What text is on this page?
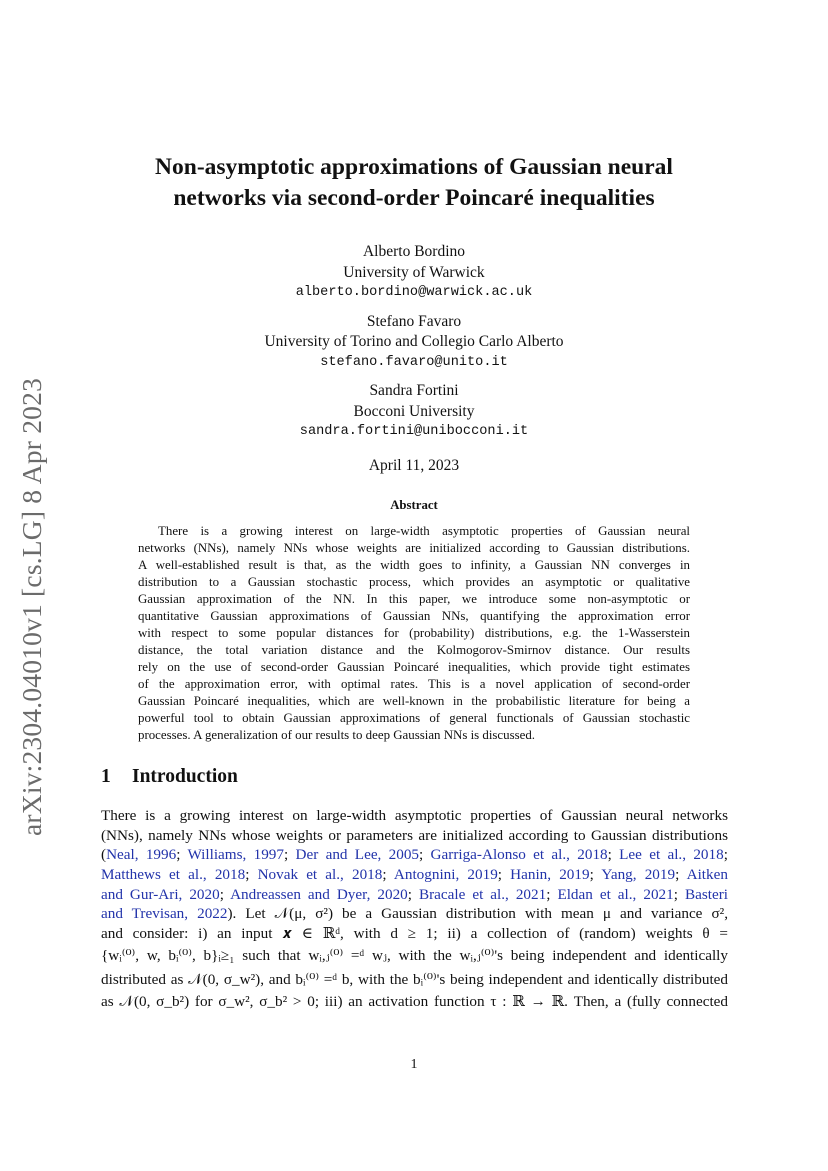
arXiv:2304.04010v1 [cs.LG] 8 Apr 2023
Non-asymptotic approximations of Gaussian neural
networks via second-order Poincaré inequalities
Alberto Bordino
University of Warwick
alberto.bordino@warwick.ac.uk
Stefano Favaro
University of Torino and Collegio Carlo Alberto
stefano.favaro@unito.it
Sandra Fortini
Bocconi University
sandra.fortini@unibocconi.it
April 11, 2023
Abstract

There is a growing interest on large-width asymptotic properties of Gaussian neural
networks (NNs), namely NNs whose weights are initialized according to Gaussian distributions.
A well-established result is that, as the width goes to infinity, a Gaussian NN converges in
distribution to a Gaussian stochastic process, which provides an asymptotic or qualitative
Gaussian approximation of the NN. In this paper, we introduce some non-asymptotic or
quantitative Gaussian approximations of Gaussian NNs, quantifying the approximation error
with respect to some popular distances for (probability) distributions, e.g. the 1-Wasserstein
distance, the total variation distance and the Kolmogorov-Smirnov distance. Our results
rely on the use of second-order Gaussian Poincaré inequalities, which provide tight estimates
of the approximation error, with optimal rates. This is a novel application of second-order
Gaussian Poincaré inequalities, which are well-known in the probabilistic literature for being a
powerful tool to obtain Gaussian approximations of general functionals of Gaussian stochastic
processes. A generalization of our results to deep Gaussian NNs is discussed.

1 Introduction
There is a growing interest on large-width asymptotic properties of Gaussian neural networks
(NNs), namely NNs whose weights or parameters are initialized according to Gaussian distributions
(Neal, 1996; Williams, 1997; Der and Lee, 2005; Garriga-Alonso et al., 2018; Lee et al., 2018;
Matthews et al., 2018; Novak et al., 2018; Antognini, 2019; Hanin, 2019; Yang, 2019; Aitken
and Gur-Ari, 2020; Andreassen and Dyer, 2020; Bracale et al., 2021; Eldan et al., 2021; Basteri
and Trevisan, 2022). Let 𝒩(μ, σ²) be a Gaussian distribution with mean μ and variance σ²,
and consider: i) an input 𝒙 ∈ ℝᵈ, with d ≥ 1; ii) a collection of (random) weights θ =
{wᵢ⁽⁰⁾, w, bᵢ⁽⁰⁾, b}ᵢ≥₁ such that wᵢ,ⱼ⁽⁰⁾ =ᵈ wⱼ, with the wᵢ,ⱼ⁽⁰⁾'s being independent and identically
distributed as 𝒩(0, σ_w²), and bᵢ⁽⁰⁾ =ᵈ b, with the bᵢ⁽⁰⁾'s being independent and identically distributed
as 𝒩(0, σ_b²) for σ_w², σ_b² > 0; iii) an activation function τ : ℝ → ℝ. Then, a (fully connected
1
